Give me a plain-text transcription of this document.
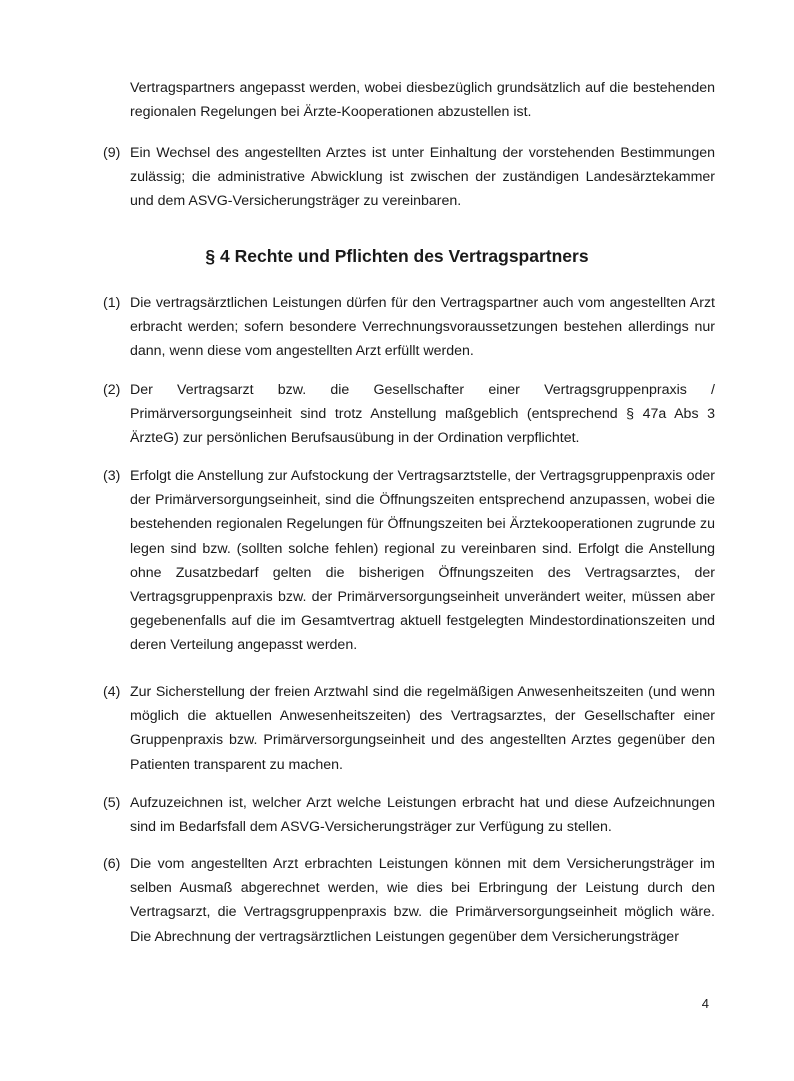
Vertragspartners angepasst werden, wobei diesbezüglich grundsätzlich auf die bestehenden regionalen Regelungen bei Ärzte-Kooperationen abzustellen ist.
(9) Ein Wechsel des angestellten Arztes ist unter Einhaltung der vorstehenden Bestimmungen zulässig; die administrative Abwicklung ist zwischen der zuständigen Landesärztekammer und dem ASVG-Versicherungsträger zu vereinbaren.
§ 4 Rechte und Pflichten des Vertragspartners
(1) Die vertragsärztlichen Leistungen dürfen für den Vertragspartner auch vom angestellten Arzt erbracht werden; sofern besondere Verrechnungsvoraussetzungen bestehen allerdings nur dann, wenn diese vom angestellten Arzt erfüllt werden.
(2) Der Vertragsarzt bzw. die Gesellschafter einer Vertragsgruppenpraxis / Primärversorgungseinheit sind trotz Anstellung maßgeblich (entsprechend § 47a Abs 3 ÄrzteG) zur persönlichen Berufsausübung in der Ordination verpflichtet.
(3) Erfolgt die Anstellung zur Aufstockung der Vertragsarztstelle, der Vertragsgruppenpraxis oder der Primärversorgungseinheit, sind die Öffnungszeiten entsprechend anzupassen, wobei die bestehenden regionalen Regelungen für Öffnungszeiten bei Ärztekooperationen zugrunde zu legen sind bzw. (sollten solche fehlen) regional zu vereinbaren sind. Erfolgt die Anstellung ohne Zusatzbedarf gelten die bisherigen Öffnungszeiten des Vertragsarztes, der Vertragsgruppenpraxis bzw. der Primärversorgungseinheit unverändert weiter, müssen aber gegebenenfalls auf die im Gesamtvertrag aktuell festgelegten Mindestordinationszeiten und deren Verteilung angepasst werden.
(4) Zur Sicherstellung der freien Arztwahl sind die regelmäßigen Anwesenheitszeiten (und wenn möglich die aktuellen Anwesenheitszeiten) des Vertragsarztes, der Gesellschafter einer Gruppenpraxis bzw. Primärversorgungseinheit und des angestellten Arztes gegenüber den Patienten transparent zu machen.
(5) Aufzuzeichnen ist, welcher Arzt welche Leistungen erbracht hat und diese Aufzeichnungen sind im Bedarfsfall dem ASVG-Versicherungsträger zur Verfügung zu stellen.
(6) Die vom angestellten Arzt erbrachten Leistungen können mit dem Versicherungsträger im selben Ausmaß abgerechnet werden, wie dies bei Erbringung der Leistung durch den Vertragsarzt, die Vertragsgruppenpraxis bzw. die Primärversorgungseinheit möglich wäre. Die Abrechnung der vertragsärztlichen Leistungen gegenüber dem Versicherungsträger
4
